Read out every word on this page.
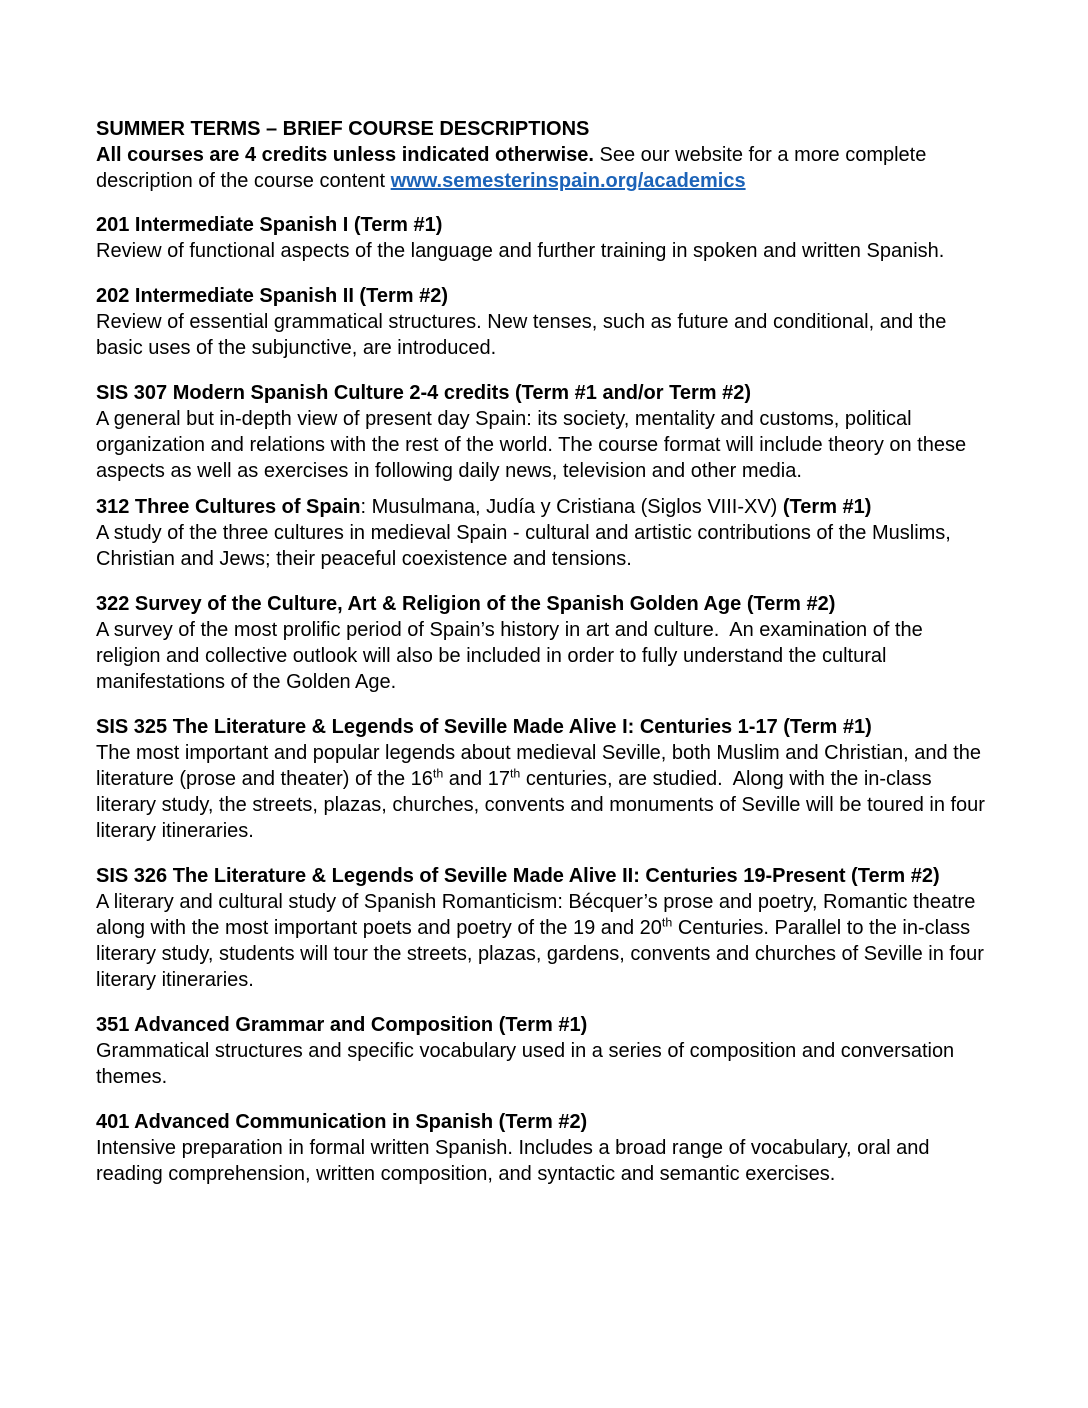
SUMMER TERMS – BRIEF COURSE DESCRIPTIONS

All courses are 4 credits unless indicated otherwise. See our website for a more complete description of the course content www.semesterinspain.org/academics

201 Intermediate Spanish I (Term #1)

Review of functional aspects of the language and further training in spoken and written Spanish.

202 Intermediate Spanish II (Term #2)

Review of essential grammatical structures. New tenses, such as future and conditional, and the basic uses of the subjunctive, are introduced.

SIS 307 Modern Spanish Culture 2-4 credits (Term #1 and/or Term #2)

A general but in-depth view of present day Spain: its society, mentality and customs, political organization and relations with the rest of the world. The course format will include theory on these aspects as well as exercises in following daily news, television and other media.

312 Three Cultures of Spain: Musulmana, Judía y Cristiana (Siglos VIII-XV) (Term #1)

A study of the three cultures in medieval Spain - cultural and artistic contributions of the Muslims, Christian and Jews; their peaceful coexistence and tensions.

322 Survey of the Culture, Art & Religion of the Spanish Golden Age (Term #2)

A survey of the most prolific period of Spain’s history in art and culture.  An examination of the religion and collective outlook will also be included in order to fully understand the cultural manifestations of the Golden Age.

SIS 325 The Literature & Legends of Seville Made Alive I: Centuries 1-17 (Term #1)

The most important and popular legends about medieval Seville, both Muslim and Christian, and the literature (prose and theater) of the 16th and 17th centuries, are studied.  Along with the in-class literary study, the streets, plazas, churches, convents and monuments of Seville will be toured in four literary itineraries.

SIS 326 The Literature & Legends of Seville Made Alive II: Centuries 19-Present (Term #2)

A literary and cultural study of Spanish Romanticism: Bécquer’s prose and poetry, Romantic theatre along with the most important poets and poetry of the 19 and 20th Centuries. Parallel to the in-class literary study, students will tour the streets, plazas, gardens, convents and churches of Seville in four literary itineraries.

351 Advanced Grammar and Composition (Term #1)

Grammatical structures and specific vocabulary used in a series of composition and conversation themes.

401 Advanced Communication in Spanish (Term #2)

Intensive preparation in formal written Spanish. Includes a broad range of vocabulary, oral and reading comprehension, written composition, and syntactic and semantic exercises.
